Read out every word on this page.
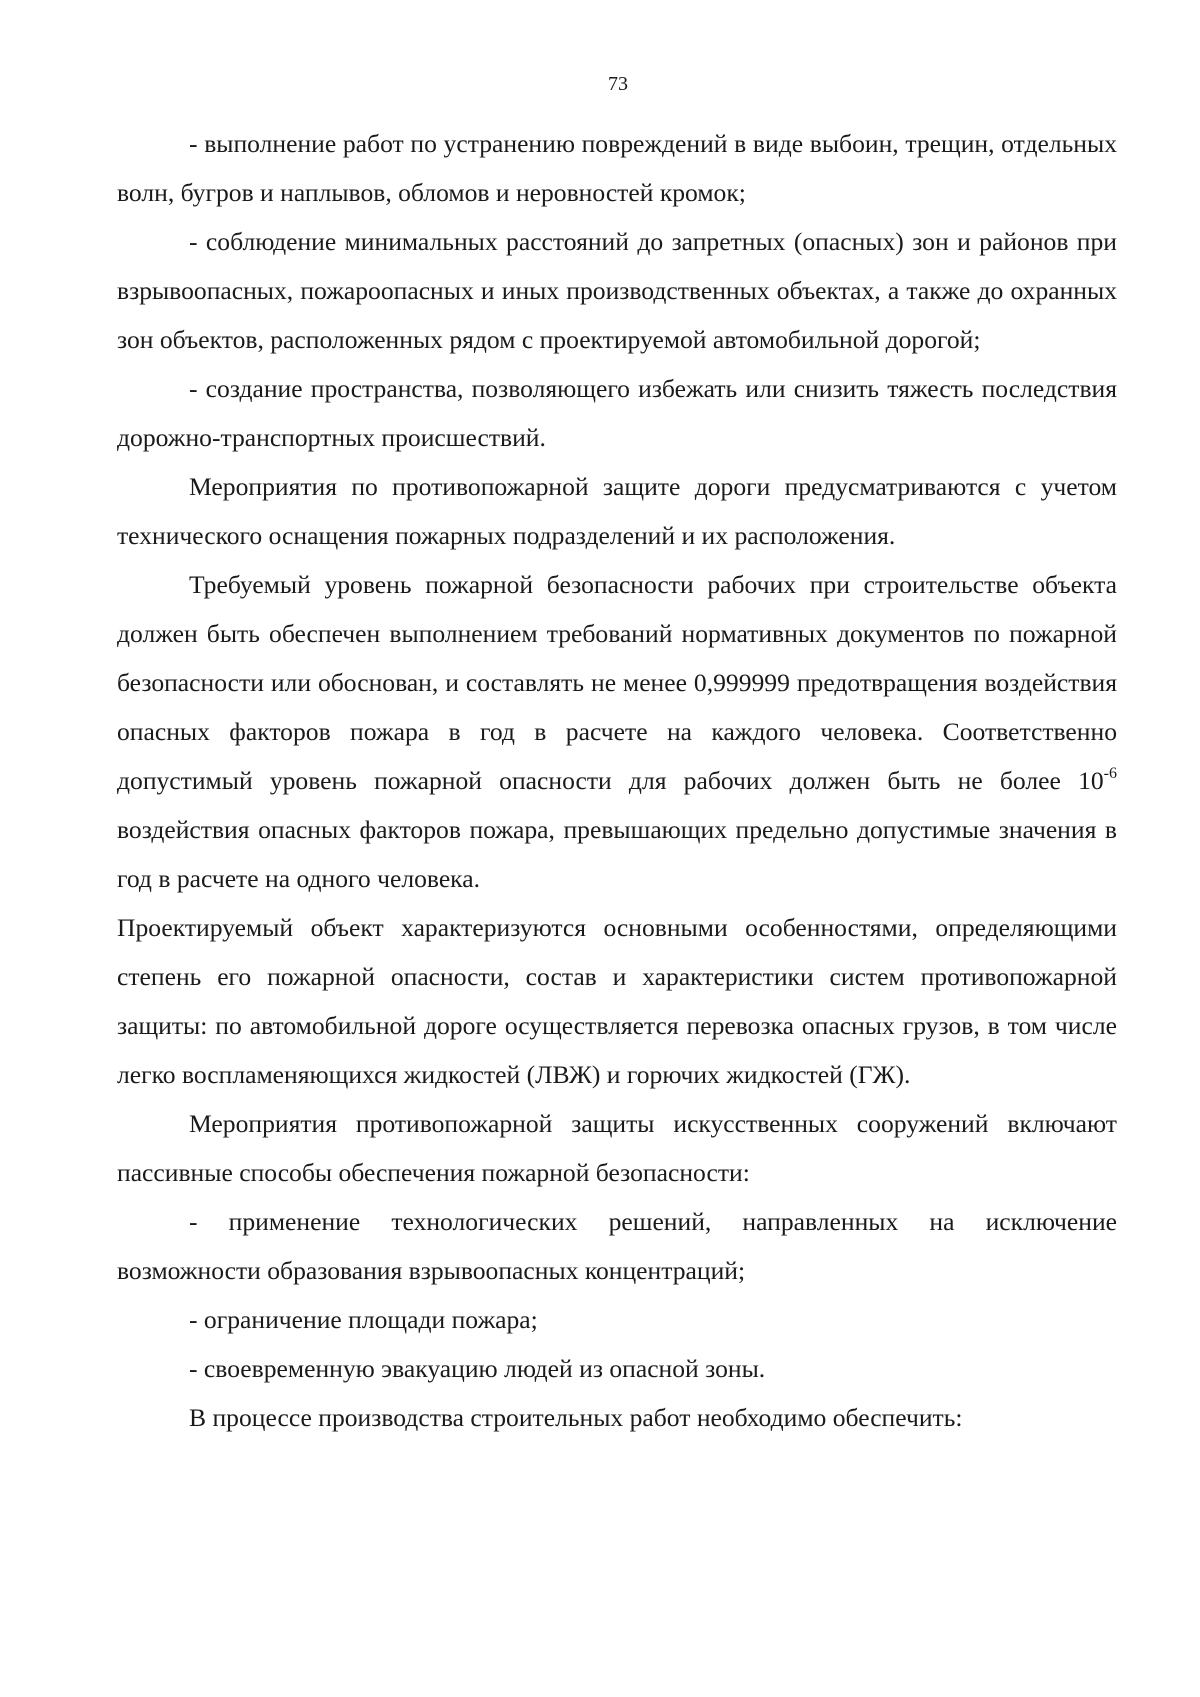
73

- выполнение работ по устранению повреждений в виде выбоин, трещин, отдельных волн, бугров и наплывов, обломов и неровностей кромок;

- соблюдение минимальных расстояний до запретных (опасных) зон и районов при взрывоопасных, пожароопасных и иных производственных объектах, а также до охранных зон объектов, расположенных рядом с проектируемой автомобильной дорогой;

- создание пространства, позволяющего избежать или снизить тяжесть последствия дорожно-транспортных происшествий.

Мероприятия по противопожарной защите дороги предусматриваются с учетом технического оснащения пожарных подразделений и их расположения.

Требуемый уровень пожарной безопасности рабочих при строительстве объекта должен быть обеспечен выполнением требований нормативных документов по пожарной безопасности или обоснован, и составлять не менее 0,999999 предотвращения воздействия опасных факторов пожара в год в расчете на каждого человека. Соответственно допустимый уровень пожарной опасности для рабочих должен быть не более $10^{-6}$ воздействия опасных факторов пожара, превышающих предельно допустимые значения в год в расчете на одного человека.

Проектируемый объект характеризуются основными особенностями, определяющими степень его пожарной опасности, состав и характеристики систем противопожарной защиты: по автомобильной дороге осуществляется перевозка опасных грузов, в том числе легко воспламеняющихся жидкостей (ЛВЖ) и горючих жидкостей (ГЖ).

Мероприятия противопожарной защиты искусственных сооружений включают пассивные способы обеспечения пожарной безопасности:

- применение технологических решений, направленных на исключение возможности образования взрывоопасных концентраций;

- ограничение площади пожара;

- своевременную эвакуацию людей из опасной зоны.

В процессе производства строительных работ необходимо обеспечить:
